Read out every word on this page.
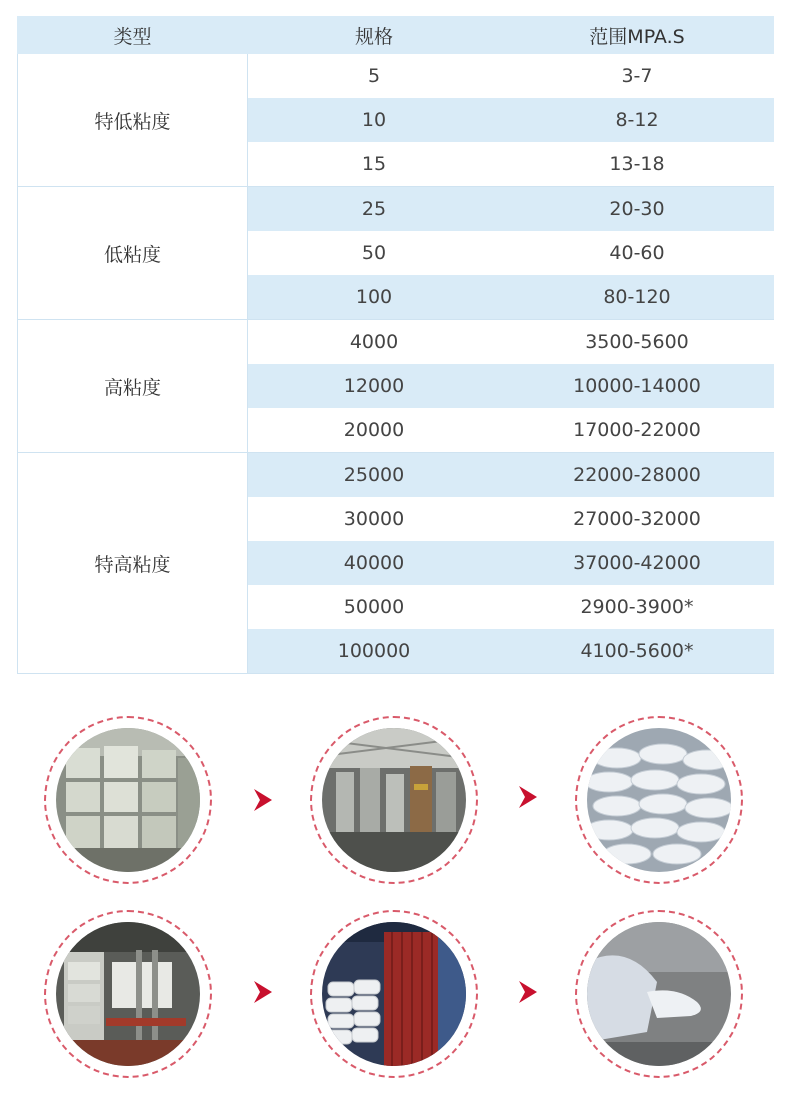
类型	规格	范围MPA.S
特低粘度
5	3-7
10	8-12
15	13-18
低粘度
25	20-30
50	40-60
100	80-120
高粘度
4000	3500-5600
12000	10000-14000
20000	17000-22000
特高粘度
25000	22000-28000
30000	27000-32000
40000	37000-42000
50000	2900-3900*
100000	4100-5600*
